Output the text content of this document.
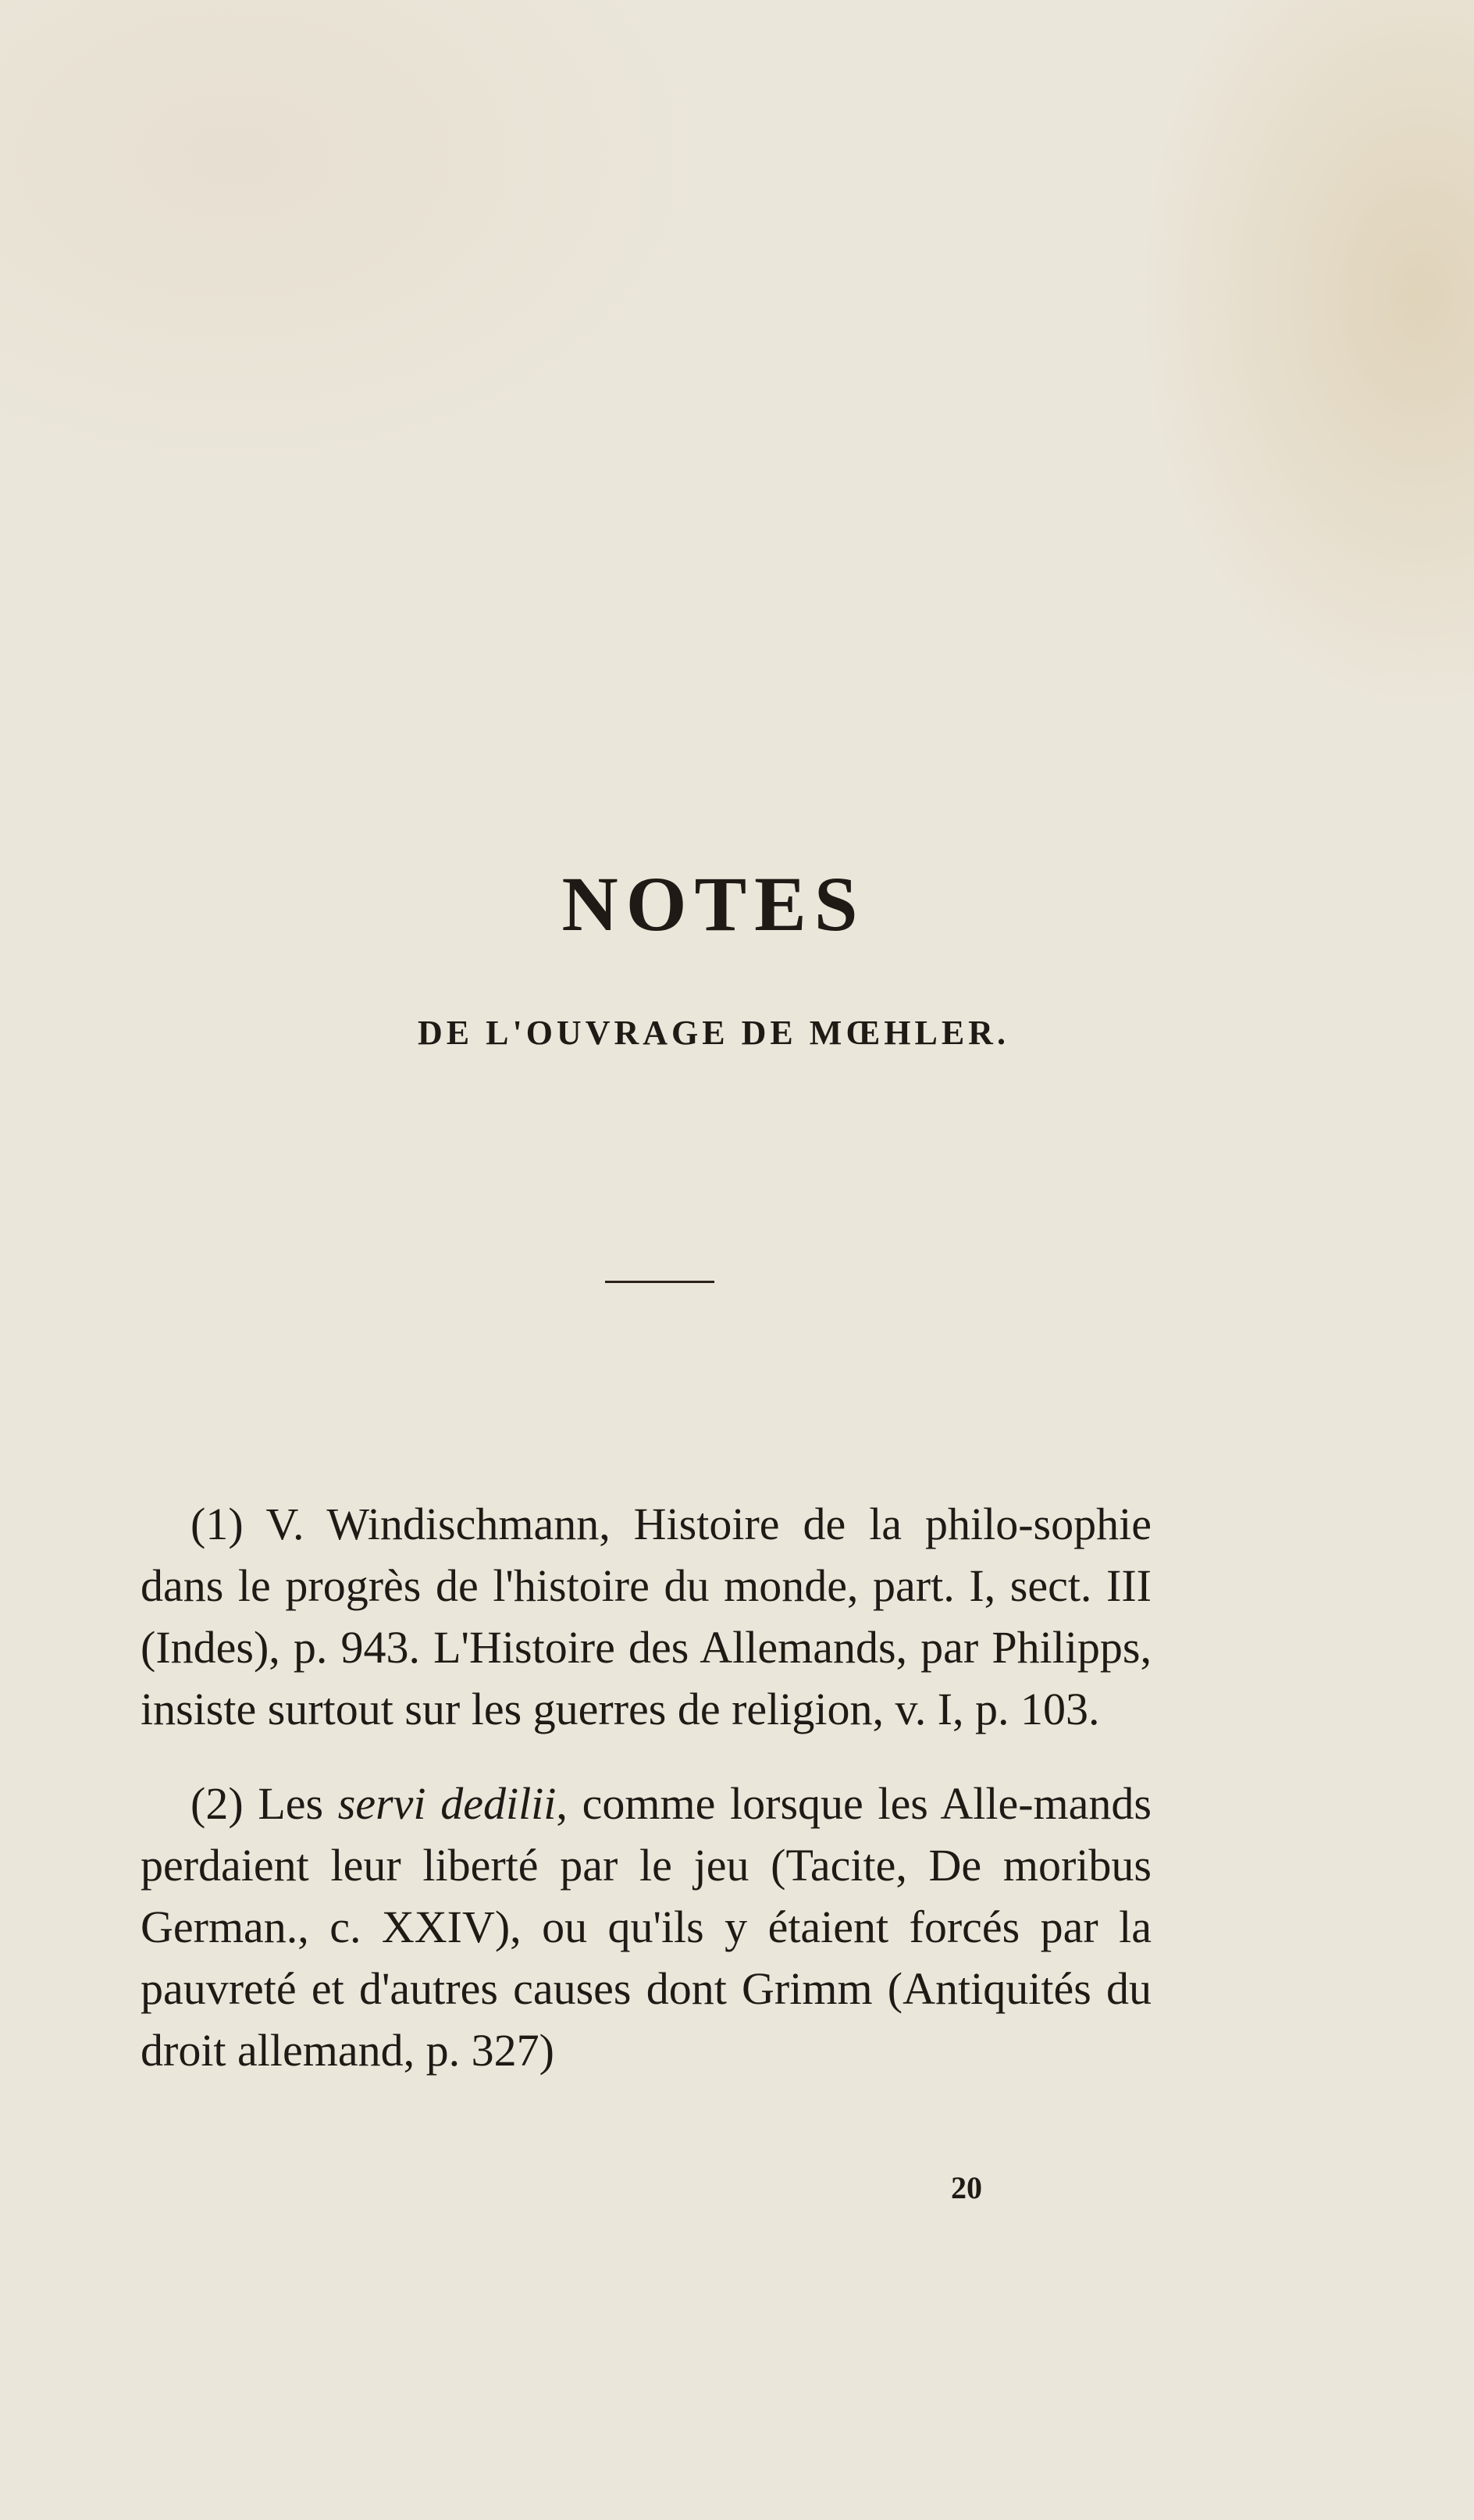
NOTES
DE L'OUVRAGE DE MŒHLER.

(1) V. Windischmann, Histoire de la philo-sophie dans le progrès de l'histoire du monde, part. I, sect. III (Indes), p. 943. L'Histoire des Allemands, par Philipps, insiste surtout sur les guerres de religion, v. I, p. 103.

(2) Les servi dedilii, comme lorsque les Alle-mands perdaient leur liberté par le jeu (Tacite, De moribus German., c. XXIV), ou qu'ils y étaient forcés par la pauvreté et d'autres causes dont Grimm (Antiquités du droit allemand, p. 327)

20
